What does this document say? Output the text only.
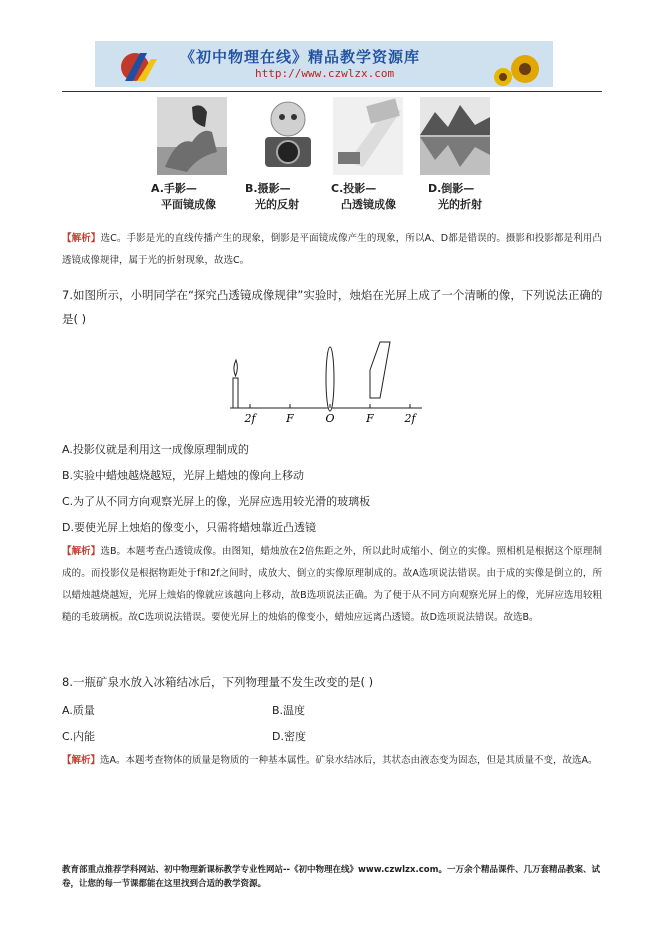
《初中物理在线》精品教学资源库
http://www.czwlzx.com
A.手影—
平面镜成像
B.摄影—
光的反射
C.投影—
凸透镜成像
D.倒影—
光的折射
【解析】选C。手影是光的直线传播产生的现象，倒影是平面镜成像产生的现象，所以A、D都是错误的。摄影和投影都是利用凸透镜成像规律，属于光的折射现象，故选C。
7.如图所示，小明同学在“探究凸透镜成像规律”实验时，烛焰在光屏上成了一个清晰的像，下列说法正确的是( )
2f	F	O	F	2f
A.投影仪就是利用这一成像原理制成的
B.实验中蜡烛越烧越短，光屏上蜡烛的像向上移动
C.为了从不同方向观察光屏上的像，光屏应选用较光滑的玻璃板
D.要使光屏上烛焰的像变小，只需将蜡烛靠近凸透镜
【解析】选B。本题考查凸透镜成像。由图知，蜡烛放在2倍焦距之外，所以此时成缩小、倒立的实像。照相机是根据这个原理制成的。而投影仪是根据物距处于f和2f之间时，成放大、倒立的实像原理制成的。故A选项说法错误。由于成的实像是倒立的，所以蜡烛越烧越短，光屏上烛焰的像就应该越向上移动，故B选项说法正确。为了便于从不同方向观察光屏上的像，光屏应选用较粗糙的毛玻璃板。故C选项说法错误。要使光屏上的烛焰的像变小，蜡烛应远离凸透镜。故D选项说法错误。故选B。
8.一瓶矿泉水放入冰箱结冰后，下列物理量不发生改变的是( )
A.质量	B.温度
C.内能	D.密度
【解析】选A。本题考查物体的质量是物质的一种基本属性。矿泉水结冰后，其状态由液态变为固态，但是其质量不变，故选A。
教育部重点推荐学科网站、初中物理新课标教学专业性网站--《初中物理在线》www.czwlzx.com。一万余个精品课件、几万套精品教案、试卷，让您的每一节课都能在这里找到合适的教学资源。
